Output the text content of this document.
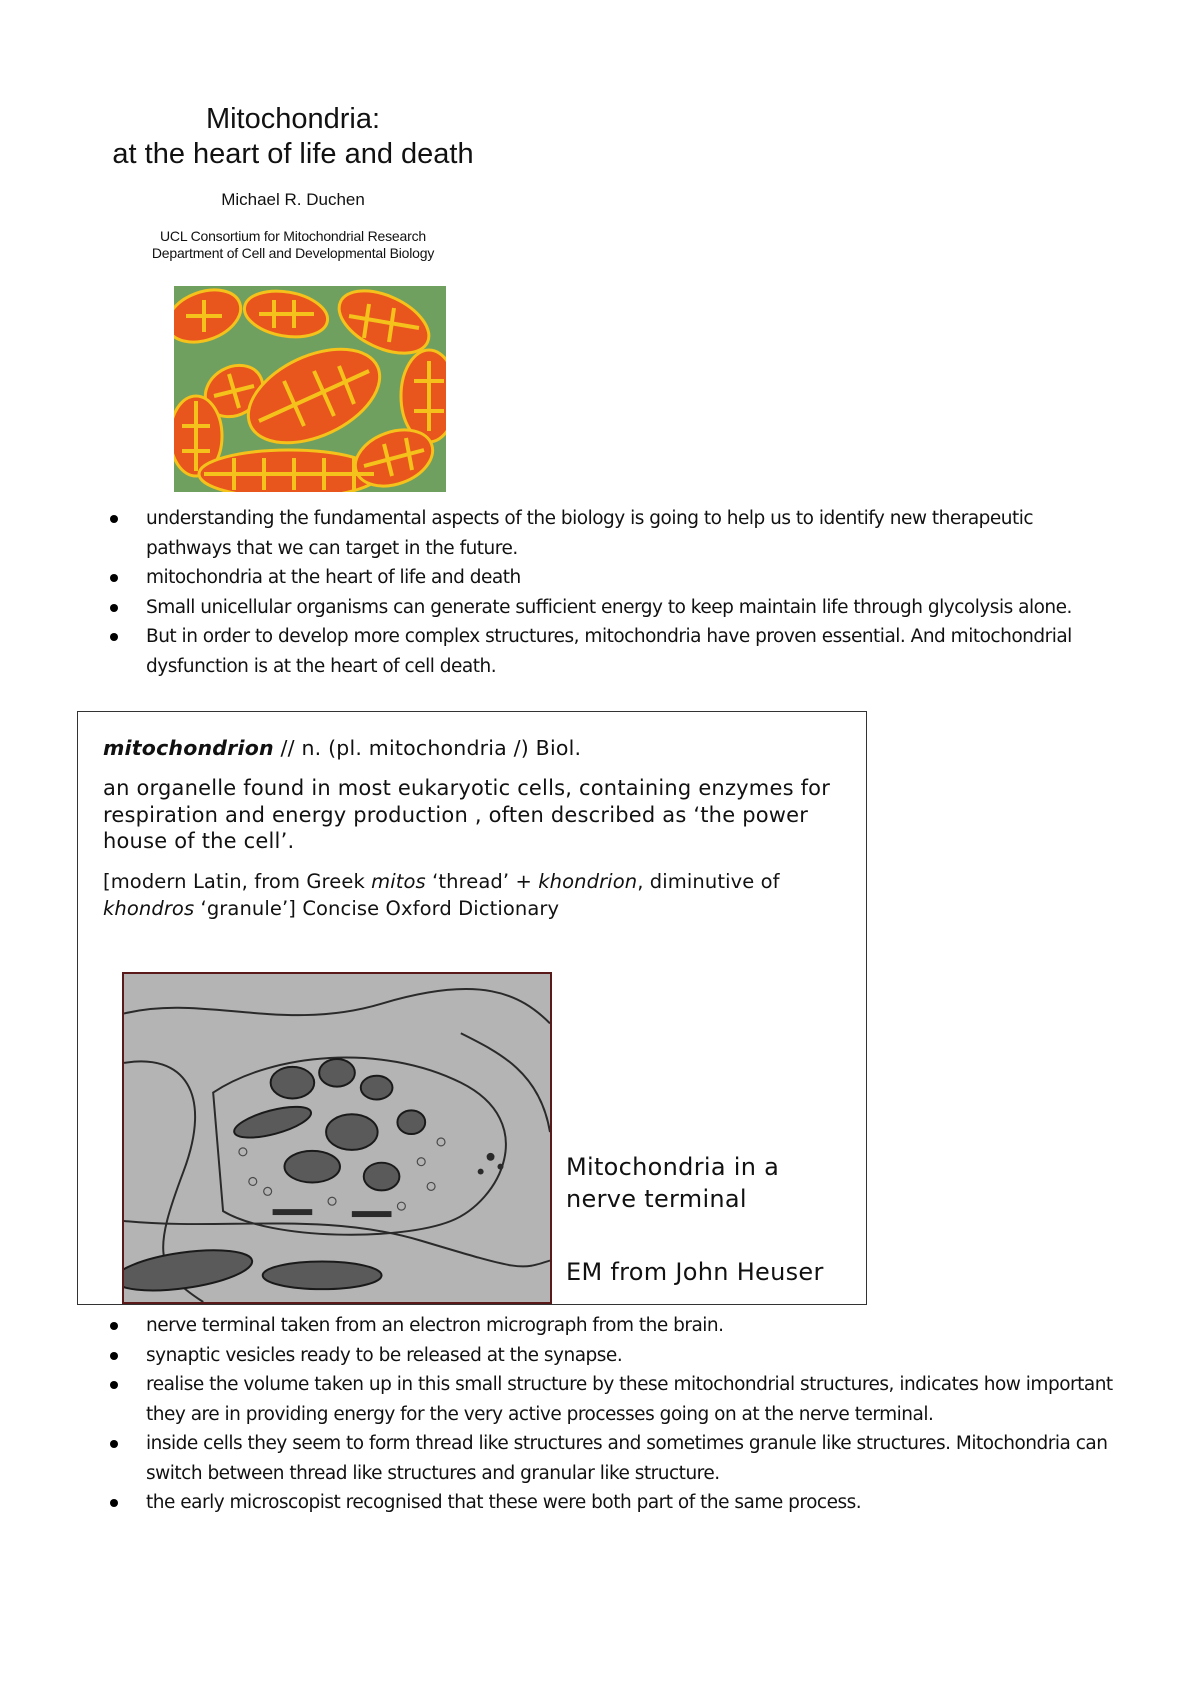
Mitochondria:
at the heart of life and death
Michael R. Duchen
UCL Consortium for Mitochondrial Research
Department of Cell and Developmental Biology
understanding the fundamental aspects of the biology is going to help us to identify new therapeutic pathways that we can target in the future.
mitochondria at the heart of life and death
Small unicellular organisms can generate sufficient energy to keep maintain life through glycolysis alone.
But in order to develop more complex structures, mitochondria have proven essential. And mitochondrial dysfunction is at the heart of cell death.
mitochondrion // n. (pl. mitochondria /) Biol.
an organelle found in most eukaryotic cells, containing enzymes for respiration and energy production , often described as ‘the power house of the cell’.
[modern Latin, from Greek mitos ‘thread’ + khondrion, diminutive of khondros ‘granule’] Concise Oxford Dictionary
Mitochondria in a nerve terminal
EM from John Heuser
nerve terminal taken from an electron micrograph from the brain.
synaptic vesicles ready to be released at the synapse.
realise the volume taken up in this small structure by these mitochondrial structures, indicates how important they are in providing energy for the very active processes going on at the nerve terminal.
inside cells they seem to form thread like structures and sometimes granule like structures. Mitochondria can switch between thread like structures and granular like structure.
the early microscopist recognised that these were both part of the same process.
